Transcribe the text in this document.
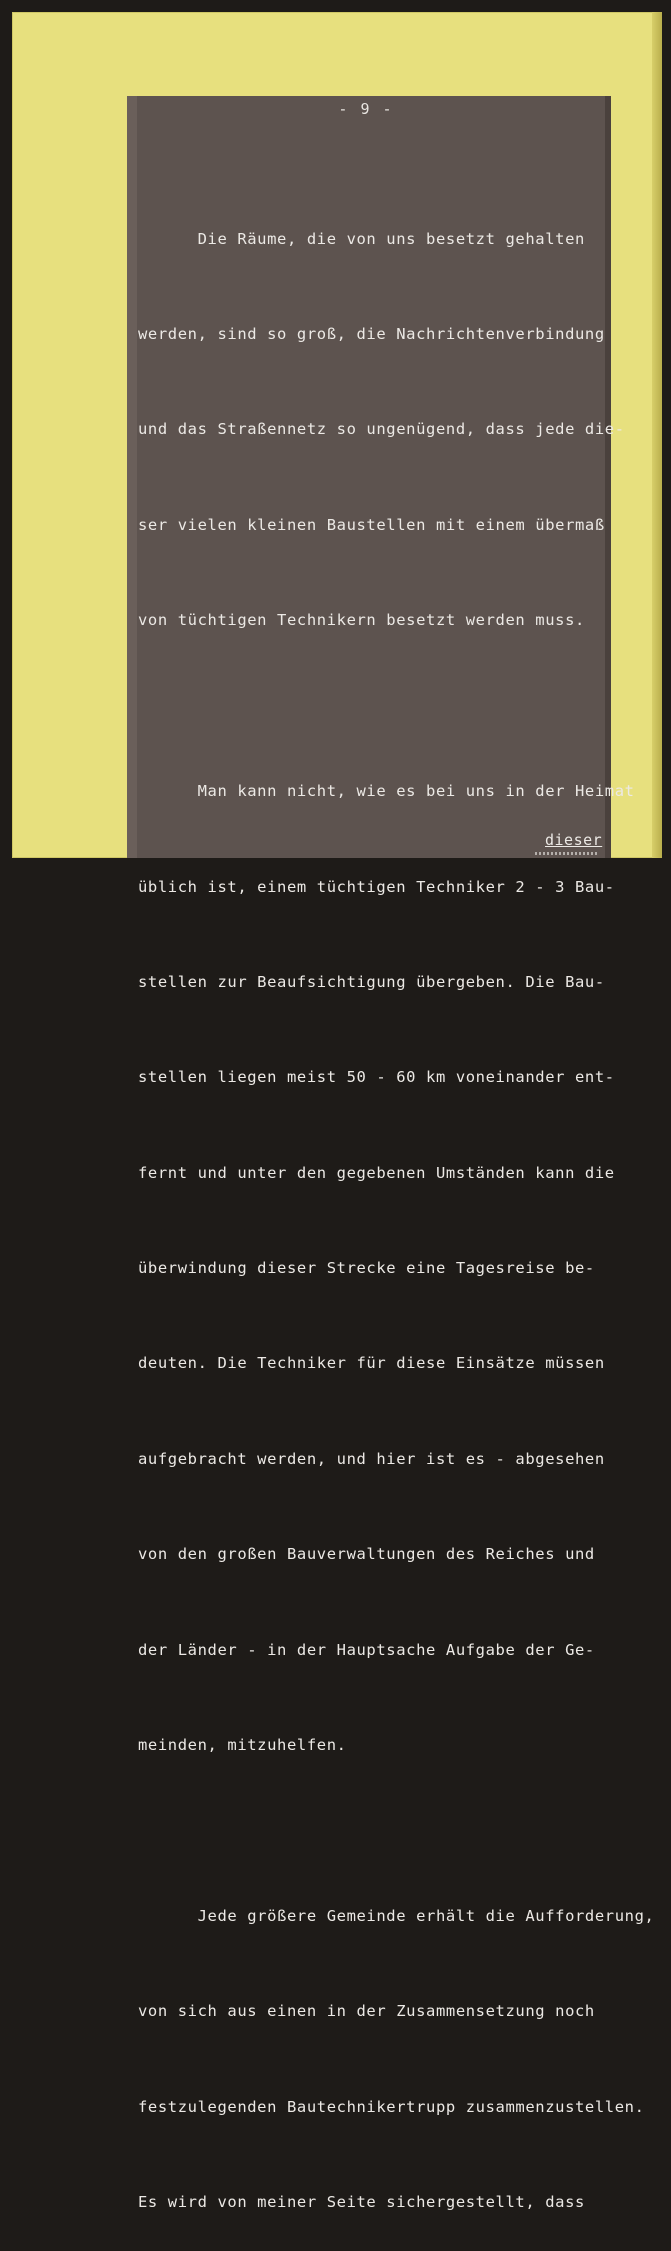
- 9 -

Die Räume, die von uns besetzt gehalten

werden, sind so groß, die Nachrichtenverbindung

und das Straßennetz so ungenügend, dass jede die-

ser vielen kleinen Baustellen mit einem übermaß

von tüchtigen Technikern besetzt werden muss.

Man kann nicht, wie es bei uns in der Heimat

üblich ist, einem tüchtigen Techniker 2 - 3 Bau-

stellen zur Beaufsichtigung übergeben. Die Bau-

stellen liegen meist 50 - 60 km voneinander ent-

fernt und unter den gegebenen Umständen kann die

überwindung dieser Strecke eine Tagesreise be-

deuten. Die Techniker für diese Einsätze müssen

aufgebracht werden, und hier ist es - abgesehen

von den großen Bauverwaltungen des Reiches und

der Länder - in der Hauptsache Aufgabe der Ge-

meinden, mitzuhelfen.

Jede größere Gemeinde erhält die Aufforderung,

von sich aus einen in der Zusammensetzung noch

festzulegenden Bautechnikertrupp zusammenzustellen.

Es wird von meiner Seite sichergestellt, dass

dieser
